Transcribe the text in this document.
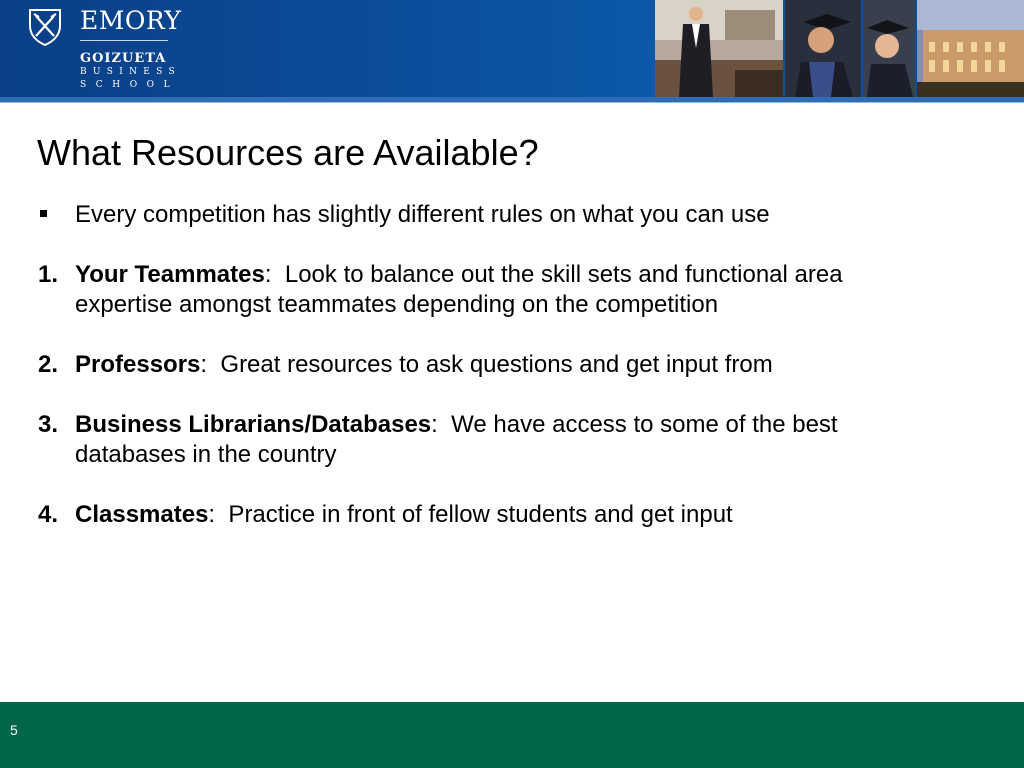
EMORY
GOIZUETA
BUSINESS
SCHOOL
What Resources are Available?
Every competition has slightly different rules on what you can use
1. Your Teammates:  Look to balance out the skill sets and functional area
expertise amongst teammates depending on the competition
2. Professors:  Great resources to ask questions and get input from
3. Business Librarians/Databases:  We have access to some of the best
databases in the country
4. Classmates:  Practice in front of fellow students and get input
5
